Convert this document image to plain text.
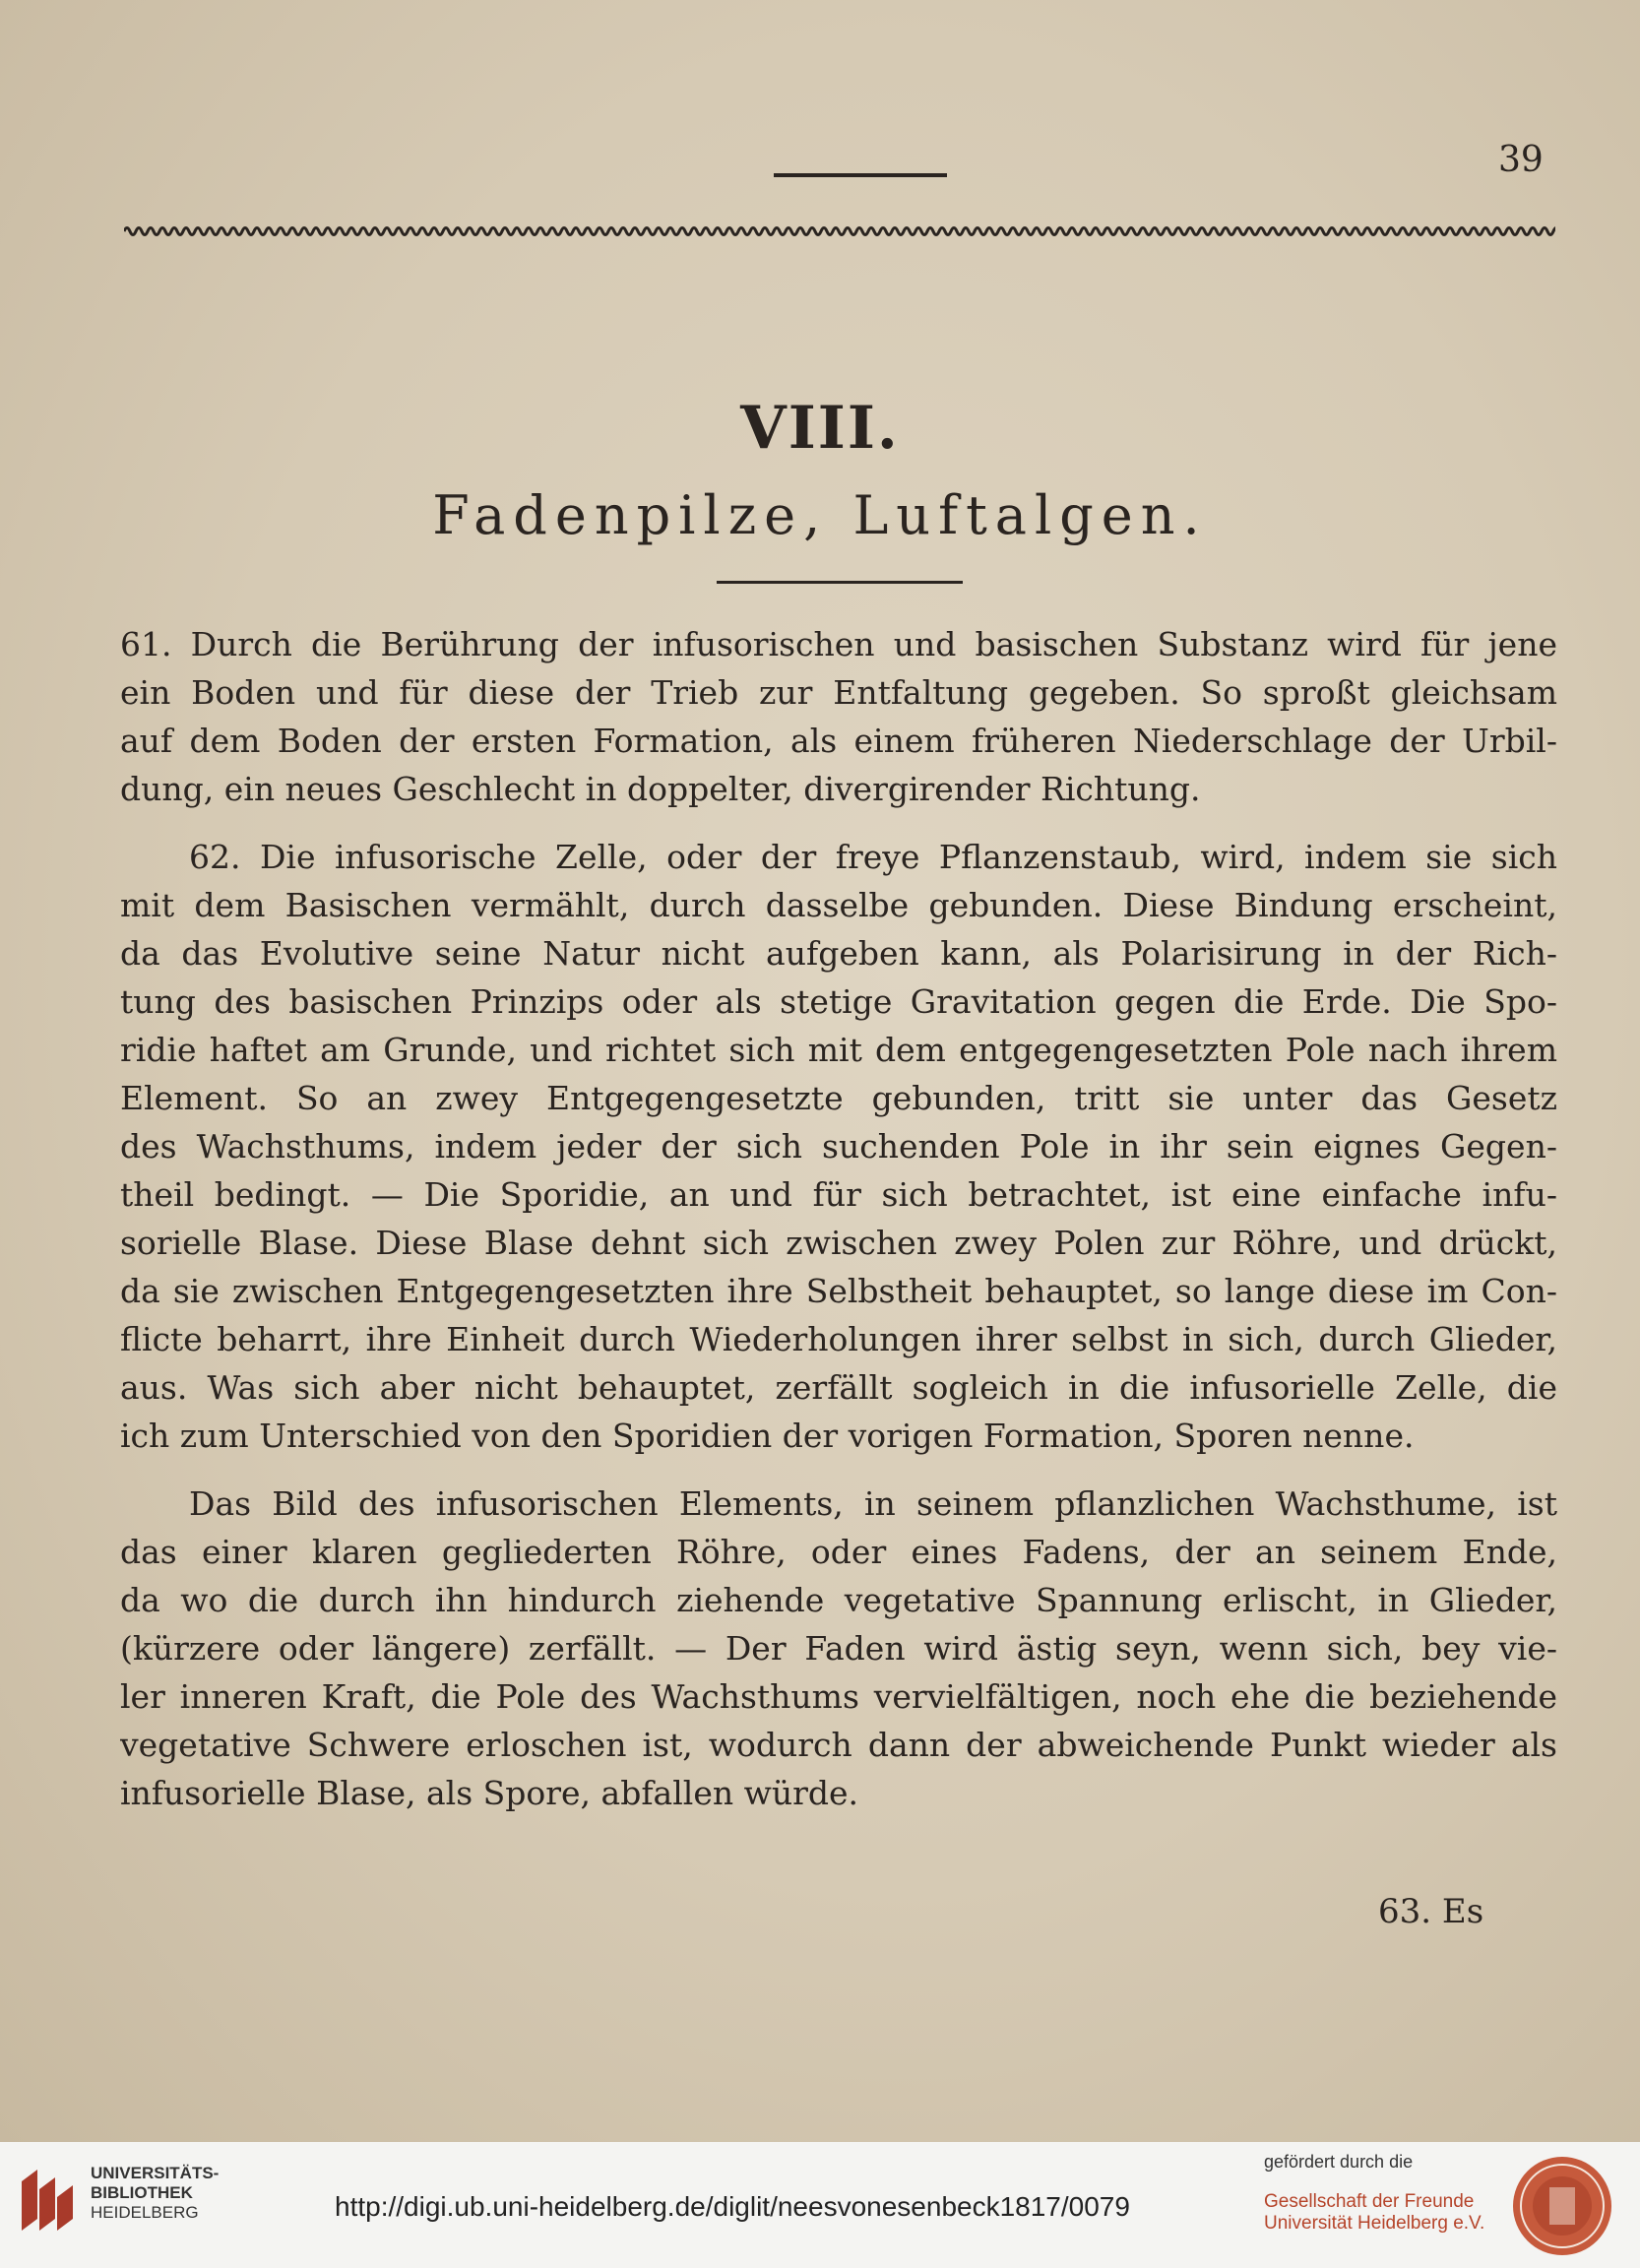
39
VIII.
Fadenpilze, Luftalgen.
61. Durch die Berührung der infusorischen und basischen Substanz wird für jene
ein Boden und für diese der Trieb zur Entfaltung gegeben. So sproßt gleichsam
auf dem Boden der ersten Formation, als einem früheren Niederschlage der Urbil-
dung, ein neues Geschlecht in doppelter, divergirender Richtung.
62. Die infusorische Zelle, oder der freye Pflanzenstaub, wird, indem sie sich
mit dem Basischen vermählt, durch dasselbe gebunden. Diese Bindung erscheint,
da das Evolutive seine Natur nicht aufgeben kann, als Polarisirung in der Rich-
tung des basischen Prinzips oder als stetige Gravitation gegen die Erde. Die Spo-
ridie haftet am Grunde, und richtet sich mit dem entgegengesetzten Pole nach ihrem
Element. So an zwey Entgegengesetzte gebunden, tritt sie unter das Gesetz
des Wachsthums, indem jeder der sich suchenden Pole in ihr sein eignes Gegen-
theil bedingt. — Die Sporidie, an und für sich betrachtet, ist eine einfache infu-
sorielle Blase. Diese Blase dehnt sich zwischen zwey Polen zur Röhre, und drückt,
da sie zwischen Entgegengesetzten ihre Selbstheit behauptet, so lange diese im Con-
flicte beharrt, ihre Einheit durch Wiederholungen ihrer selbst in sich, durch Glieder,
aus. Was sich aber nicht behauptet, zerfällt sogleich in die infusorielle Zelle, die
ich zum Unterschied von den Sporidien der vorigen Formation, Sporen nenne.
Das Bild des infusorischen Elements, in seinem pflanzlichen Wachsthume, ist
das einer klaren gegliederten Röhre, oder eines Fadens, der an seinem Ende,
da wo die durch ihn hindurch ziehende vegetative Spannung erlischt, in Glieder,
(kürzere oder längere) zerfällt. — Der Faden wird ästig seyn, wenn sich, bey vie-
ler inneren Kraft, die Pole des Wachsthums vervielfältigen, noch ehe die beziehende
vegetative Schwere erloschen ist, wodurch dann der abweichende Punkt wieder als
infusorielle Blase, als Spore, abfallen würde.
63. Es
UNIVERSITÄTS-
BIBLIOTHEK
HEIDELBERG	http://digi.ub.uni-heidelberg.de/diglit/neesvonesenbeck1817/0079
gefördert durch die
Gesellschaft der Freunde
Universität Heidelberg e.V.
